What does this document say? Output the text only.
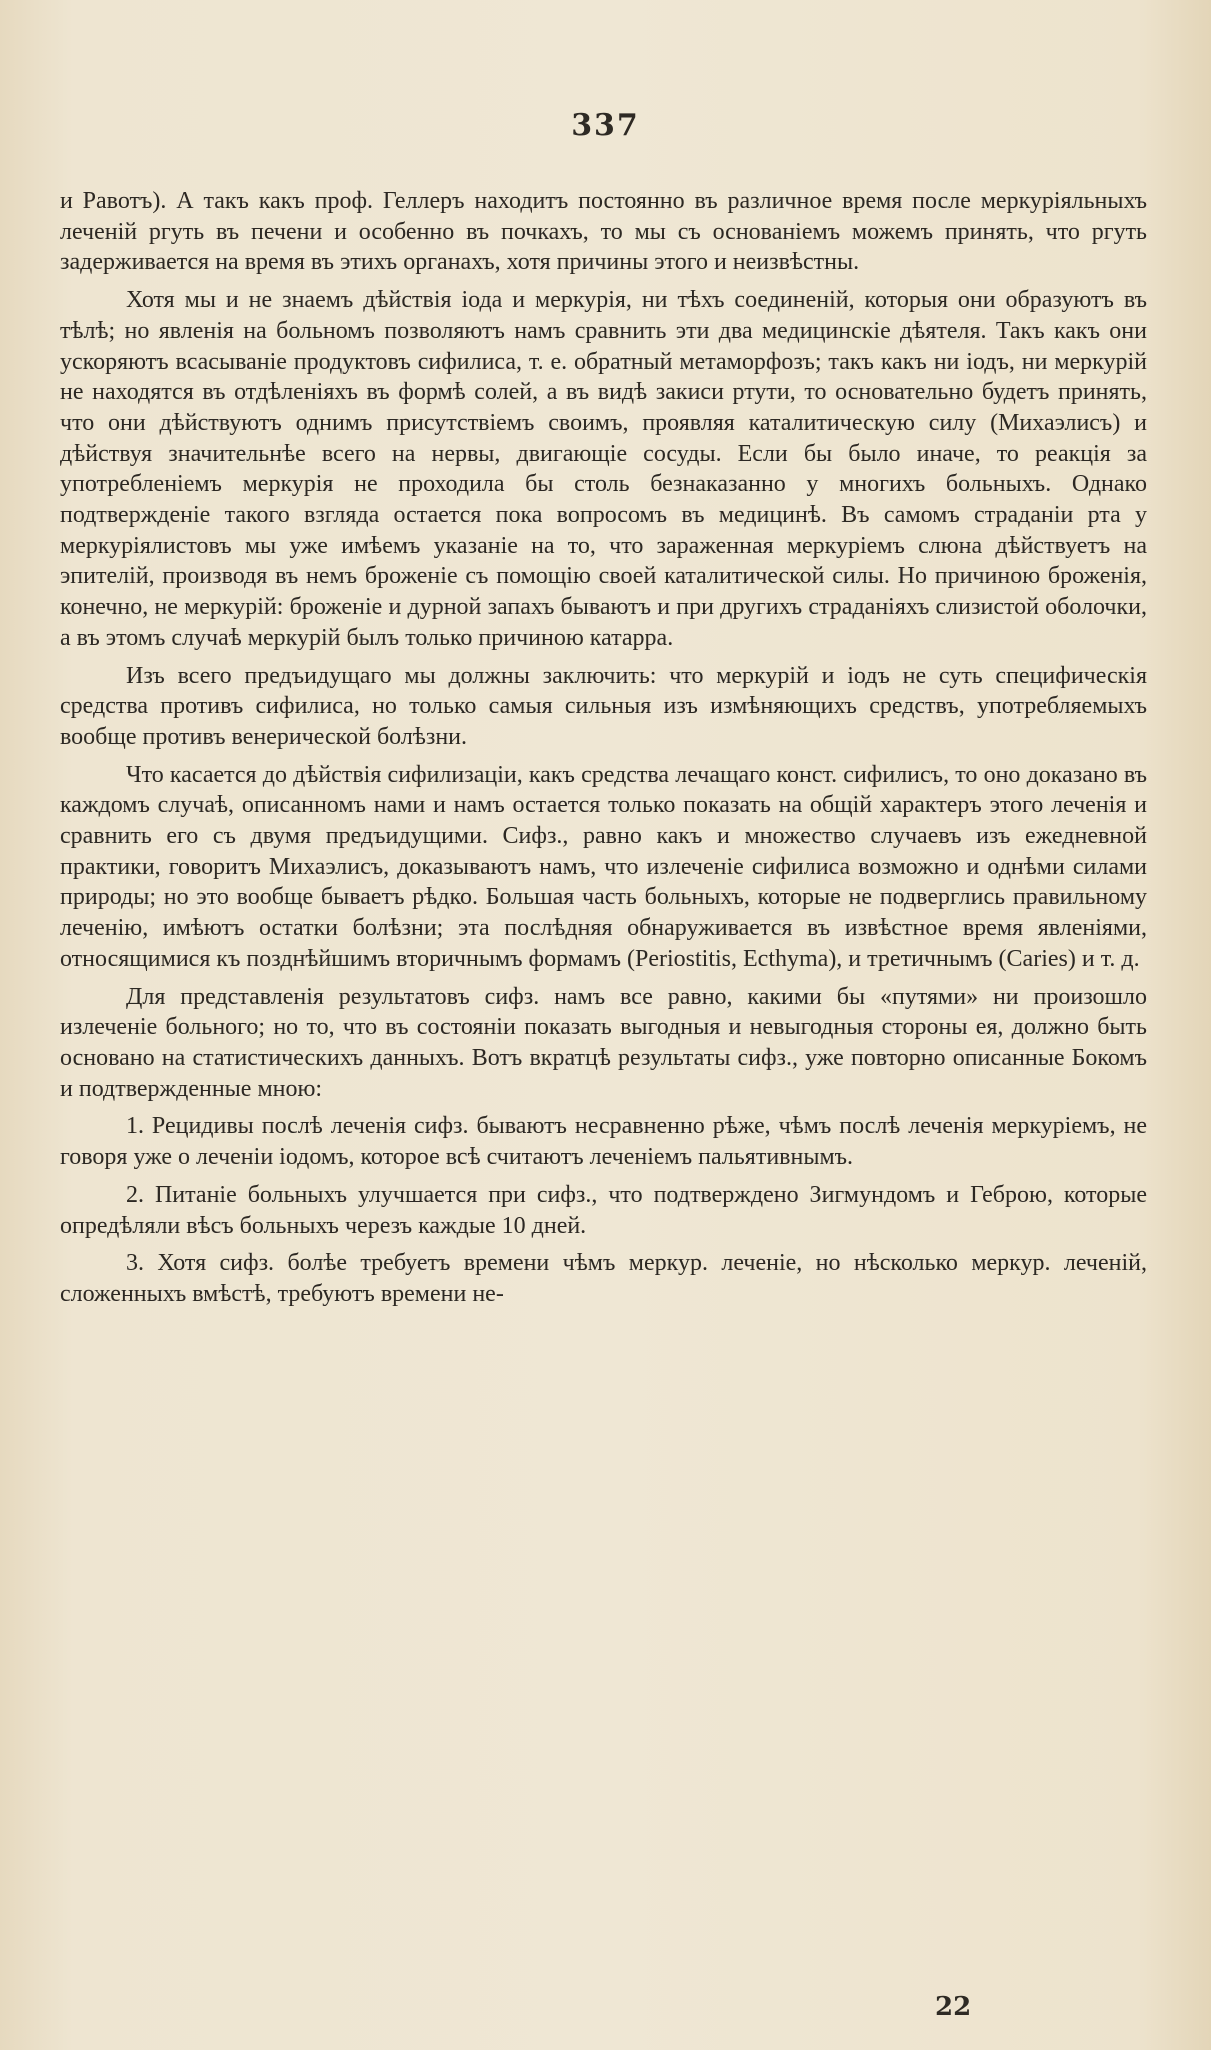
337

и Равотъ). А такъ какъ проф. Геллеръ находитъ постоянно въ различное время после меркуріяльныхъ леченій ргуть въ печени и особенно въ почкахъ, то мы съ основаніемъ можемъ принять, что ргуть задерживается на время въ этихъ органахъ, хотя причины этого и неизвѣстны.

Хотя мы и не знаемъ дѣйствія іода и меркурія, ни тѣхъ соединеній, которыя они образуютъ въ тѣлѣ; но явленія на больномъ позволяютъ намъ сравнить эти два медицинскіе дѣятеля. Такъ какъ они ускоряютъ всасываніе продуктовъ сифилиса, т. е. обратный метаморфозъ; такъ какъ ни іодъ, ни меркурій не находятся въ отдѣленіяхъ въ формѣ солей, а въ видѣ закиси ртути, то основательно будетъ принять, что они дѣйствуютъ однимъ присутствіемъ своимъ, проявляя каталитическую силу (Михаэлисъ) и дѣйствуя значительнѣе всего на нервы, двигающіе сосуды. Если бы было иначе, то реакція за употребленіемъ меркурія не проходила бы столь безнаказанно у многихъ больныхъ. Однако подтвержденіе такого взгляда остается пока вопросомъ въ медицинѣ. Въ самомъ страданіи рта у меркуріялистовъ мы уже имѣемъ указаніе на то, что зараженная меркуріемъ слюна дѣйствуетъ на эпителій, производя въ немъ броженіе съ помощію своей каталитической силы. Но причиною броженія, конечно, не меркурій: броженіе и дурной запахъ бываютъ и при другихъ страданіяхъ слизистой оболочки, а въ этомъ случаѣ меркурій былъ только причиною катарра.

Изъ всего предъидущаго мы должны заключить: что меркурій и іодъ не суть специфическія средства противъ сифилиса, но только самыя сильныя изъ измѣняющихъ средствъ, употребляемыхъ вообще противъ венерической болѣзни.

Что касается до дѣйствія сифилизаціи, какъ средства лечащаго конст. сифилисъ, то оно доказано въ каждомъ случаѣ, описанномъ нами и намъ остается только показать на общій характеръ этого леченія и сравнить его съ двумя предъидущими. Сифз., равно какъ и множество случаевъ изъ ежедневной практики, говоритъ Михаэлисъ, доказываютъ намъ, что излеченіе сифилиса возможно и однѣми силами природы; но это вообще бываетъ рѣдко. Большая часть больныхъ, которые не подверглись правильному леченію, имѣютъ остатки болѣзни; эта послѣдняя обнаруживается въ извѣстное время явленіями, относящимися къ позднѣйшимъ вторичнымъ формамъ (Periostitis, Ecthyma), и третичнымъ (Caries) и т. д.

Для представленія результатовъ сифз. намъ все равно, какими бы «путями» ни произошло излеченіе больного; но то, что въ состояніи показать выгодныя и невыгодныя стороны ея, должно быть основано на статистическихъ данныхъ. Вотъ вкратцѣ результаты сифз., уже повторно описанные Бокомъ и подтвержденные мною:

1. Рецидивы послѣ леченія сифз. бываютъ несравненно рѣже, чѣмъ послѣ леченія меркуріемъ, не говоря уже о леченіи іодомъ, которое всѣ считаютъ леченіемъ пальятивнымъ.

2. Питаніе больныхъ улучшается при сифз., что подтверждено Зигмундомъ и Геброю, которые опредѣляли вѣсъ больныхъ черезъ каждые 10 дней.

3. Хотя сифз. болѣе требуетъ времени чѣмъ меркур. леченіе, но нѣсколько меркур. леченій, сложенныхъ вмѣстѣ, требуютъ времени не-

22
